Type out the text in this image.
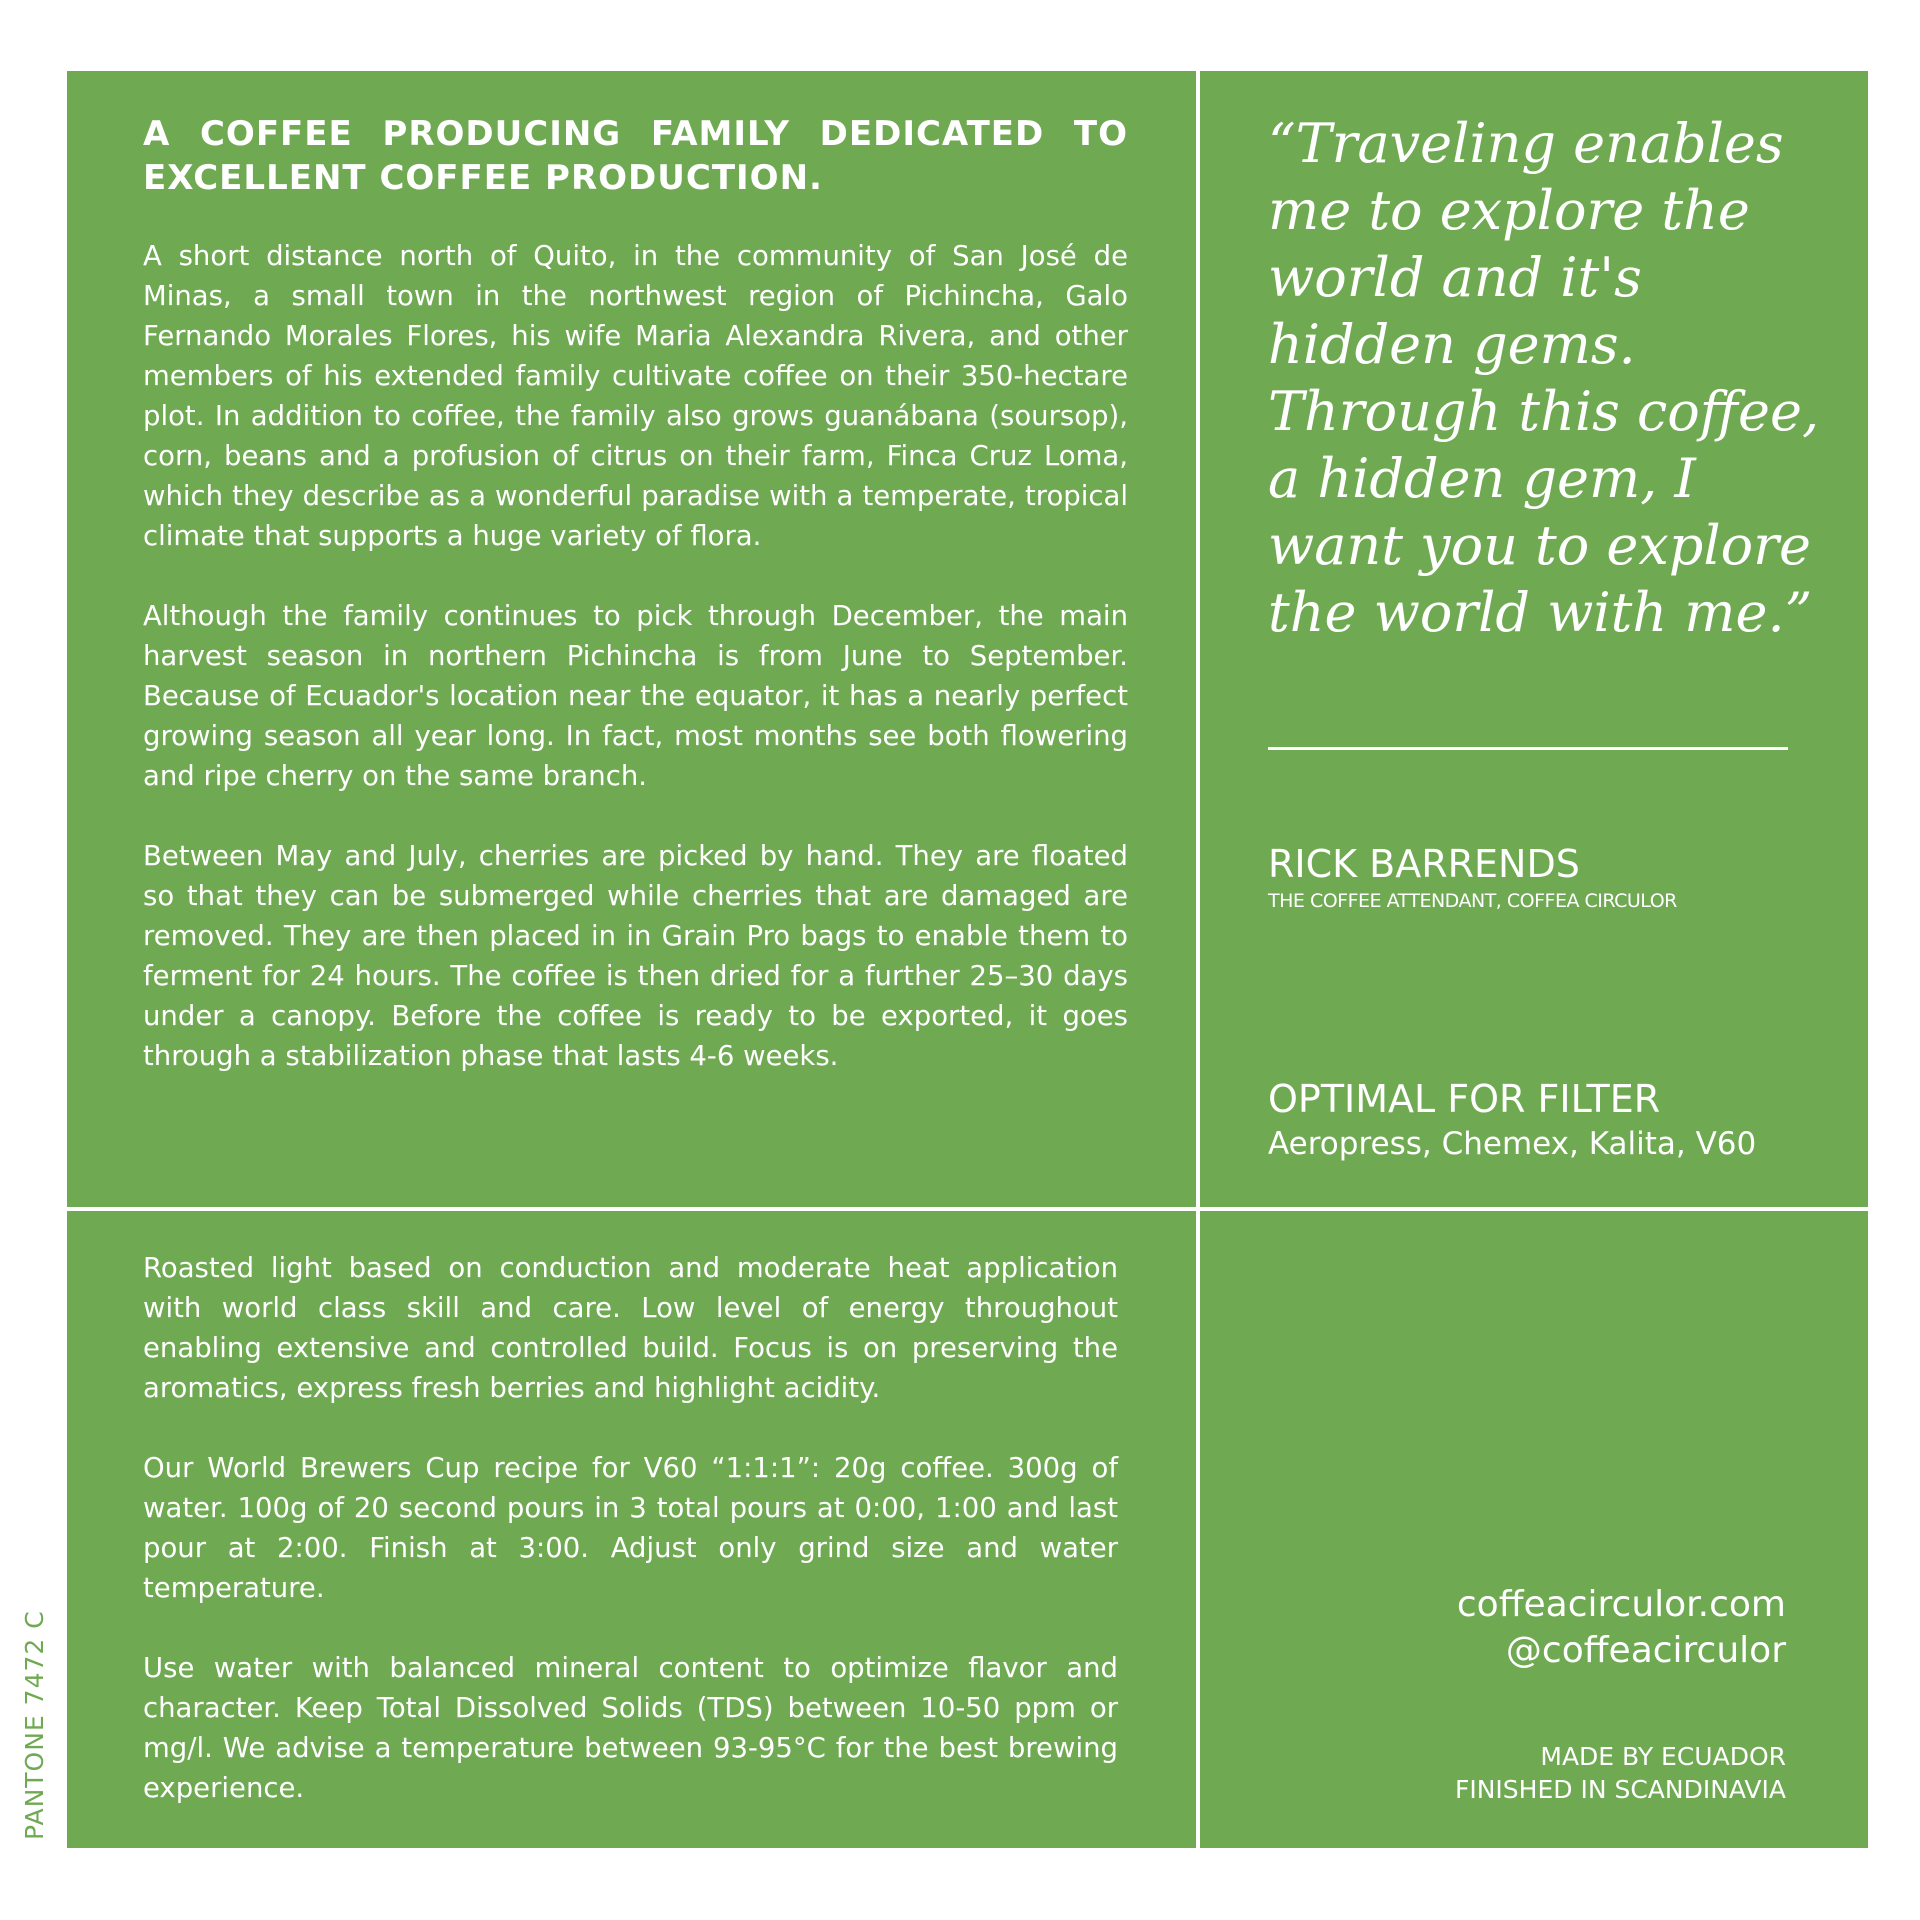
PANTONE 7472 C
A COFFEE PRODUCING FAMILY DEDICATED TO EXCELLENT COFFEE PRODUCTION.

A short distance north of Quito, in the community of San José de Minas, a small town in the northwest region of Pichincha, Galo Fernando Morales Flores, his wife Maria Alexandra Rivera, and other members of his extended family cultivate coffee on their 350-hectare plot. In addition to coffee, the family also grows guanábana (soursop), corn, beans and a profusion of citrus on their farm, Finca Cruz Loma, which they describe as a wonderful paradise with a temperate, tropical climate that supports a huge variety of flora.

Although the family continues to pick through December, the main harvest season in northern Pichincha is from June to September. Because of Ecuador's location near the equator, it has a nearly perfect growing season all year long. In fact, most months see both flowering and ripe cherry on the same branch.

Between May and July, cherries are picked by hand. They are floated so that they can be submerged while cherries that are damaged are removed. They are then placed in in Grain Pro bags to enable them to ferment for 24 hours. The coffee is then dried for a further 25–30 days under a canopy. Before the coffee is ready to be exported, it goes through a stabilization phase that lasts 4-6 weeks.

Roasted light based on conduction and moderate heat application with world class skill and care. Low level of energy throughout enabling extensive and controlled build. Focus is on preserving the aromatics, express fresh berries and highlight acidity.

Our World Brewers Cup recipe for V60 “1:1:1”: 20g coffee. 300g of water. 100g of 20 second pours in 3 total pours at 0:00, 1:00 and last pour at 2:00. Finish at 3:00. Adjust only grind size and water temperature.

Use water with balanced mineral content to optimize flavor and character. Keep Total Dissolved Solids (TDS) between 10-50 ppm or mg/l. We advise a temperature between 93-95°C for the best brewing experience.

“Traveling enables me to explore the world and it's hidden gems. Through this coffee, a hidden gem, I want you to explore the world with me.”
RICK BARRENDS
THE COFFEE ATTENDANT, COFFEA CIRCULOR
OPTIMAL FOR FILTER
Aeropress, Chemex, Kalita, V60
coffeacirculor.com
@coffeacirculor
MADE BY ECUADOR
FINISHED IN SCANDINAVIA
